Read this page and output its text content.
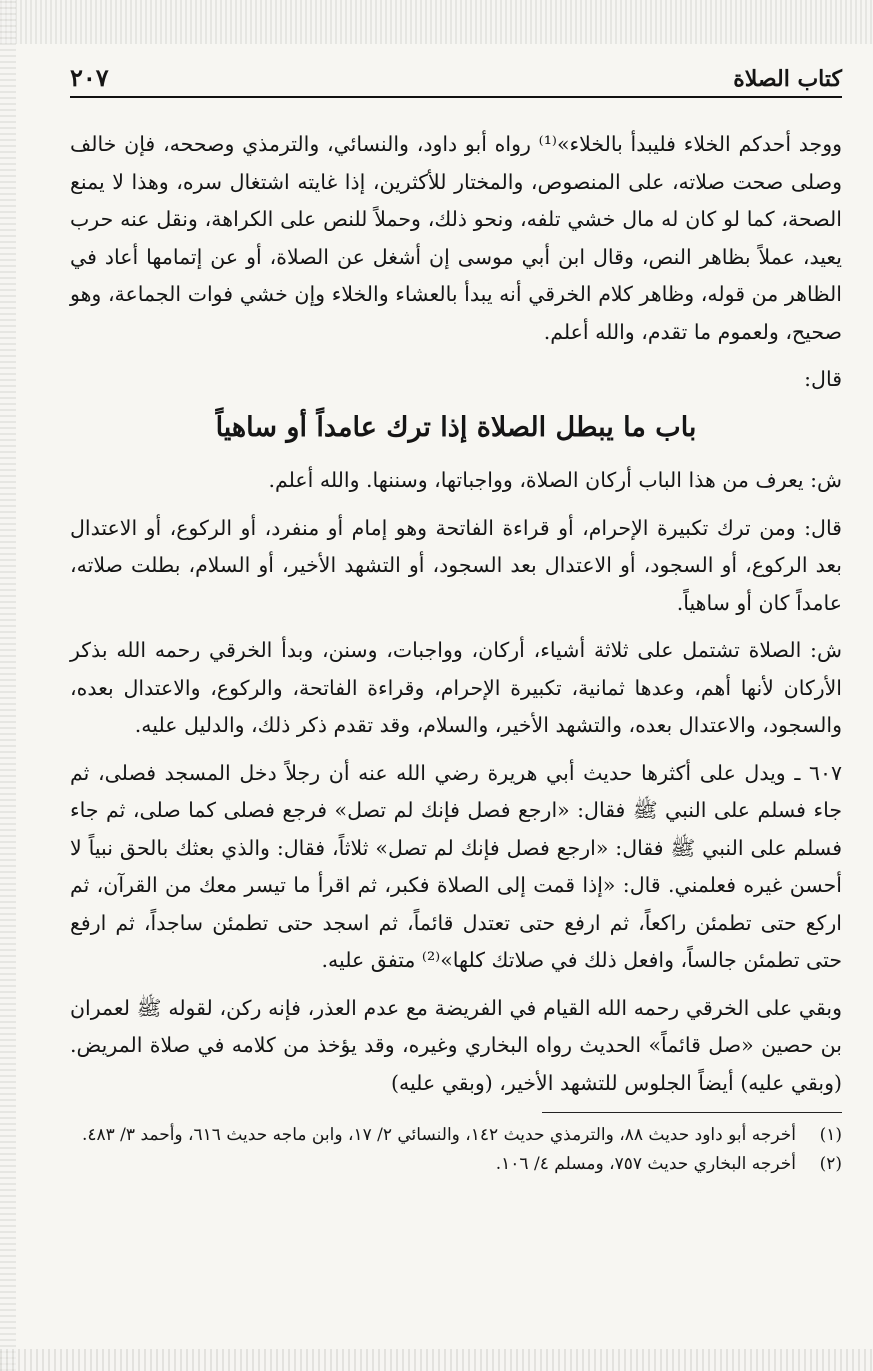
كتاب الصلاة
٢٠٧

ووجد أحدكم الخلاء فليبدأ بالخلاء»⁽¹⁾ رواه أبو داود، والنسائي، والترمذي وصححه، فإن خالف وصلى صحت صلاته، على المنصوص، والمختار للأكثرين، إذا غايته اشتغال سره، وهذا لا يمنع الصحة، كما لو كان له مال خشي تلفه، ونحو ذلك، وحملاً للنص على الكراهة، ونقل عنه حرب يعيد، عملاً بظاهر النص، وقال ابن أبي موسى إن أشغل عن الصلاة، أو عن إتمامها أعاد في الظاهر من قوله، وظاهر كلام الخرقي أنه يبدأ بالعشاء والخلاء وإن خشي فوات الجماعة، وهو صحيح، ولعموم ما تقدم، والله أعلم.

قال:

باب ما يبطل الصلاة إذا ترك عامداً أو ساهياً

ش: يعرف من هذا الباب أركان الصلاة، وواجباتها، وسننها. والله أعلم.

قال: ومن ترك تكبيرة الإحرام، أو قراءة الفاتحة وهو إمام أو منفرد، أو الركوع، أو الاعتدال بعد الركوع، أو السجود، أو الاعتدال بعد السجود، أو التشهد الأخير، أو السلام، بطلت صلاته، عامداً كان أو ساهياً.

ش: الصلاة تشتمل على ثلاثة أشياء، أركان، وواجبات، وسنن، وبدأ الخرقي رحمه الله بذكر الأركان لأنها أهم، وعدها ثمانية، تكبيرة الإحرام، وقراءة الفاتحة، والركوع، والاعتدال بعده، والسجود، والاعتدال بعده، والتشهد الأخير، والسلام، وقد تقدم ذكر ذلك، والدليل عليه.

٦٠٧ ـ ويدل على أكثرها حديث أبي هريرة رضي الله عنه أن رجلاً دخل المسجد فصلى، ثم جاء فسلم على النبي ﷺ فقال: «ارجع فصل فإنك لم تصل» فرجع فصلى كما صلى، ثم جاء فسلم على النبي ﷺ فقال: «ارجع فصل فإنك لم تصل» ثلاثاً، فقال: والذي بعثك بالحق نبياً لا أحسن غيره فعلمني. قال: «إذا قمت إلى الصلاة فكبر، ثم اقرأ ما تيسر معك من القرآن، ثم اركع حتى تطمئن راكعاً، ثم ارفع حتى تعتدل قائماً، ثم اسجد حتى تطمئن ساجداً، ثم ارفع حتى تطمئن جالساً، وافعل ذلك في صلاتك كلها»⁽²⁾ متفق عليه.

وبقي على الخرقي رحمه الله القيام في الفريضة مع عدم العذر، فإنه ركن، لقوله ﷺ لعمران بن حصين «صل قائماً» الحديث رواه البخاري وغيره، وقد يؤخذ من كلامه في صلاة المريض. (وبقي عليه) أيضاً الجلوس للتشهد الأخير، (وبقي عليه)

(١)
أخرجه أبو داود حديث ٨٨، والترمذي حديث ١٤٢، والنسائي ٢/ ١٧، وابن ماجه حديث ٦١٦، وأحمد ٣/ ٤٨٣.
(٢)
أخرجه البخاري حديث ٧٥٧، ومسلم ٤/ ١٠٦.
